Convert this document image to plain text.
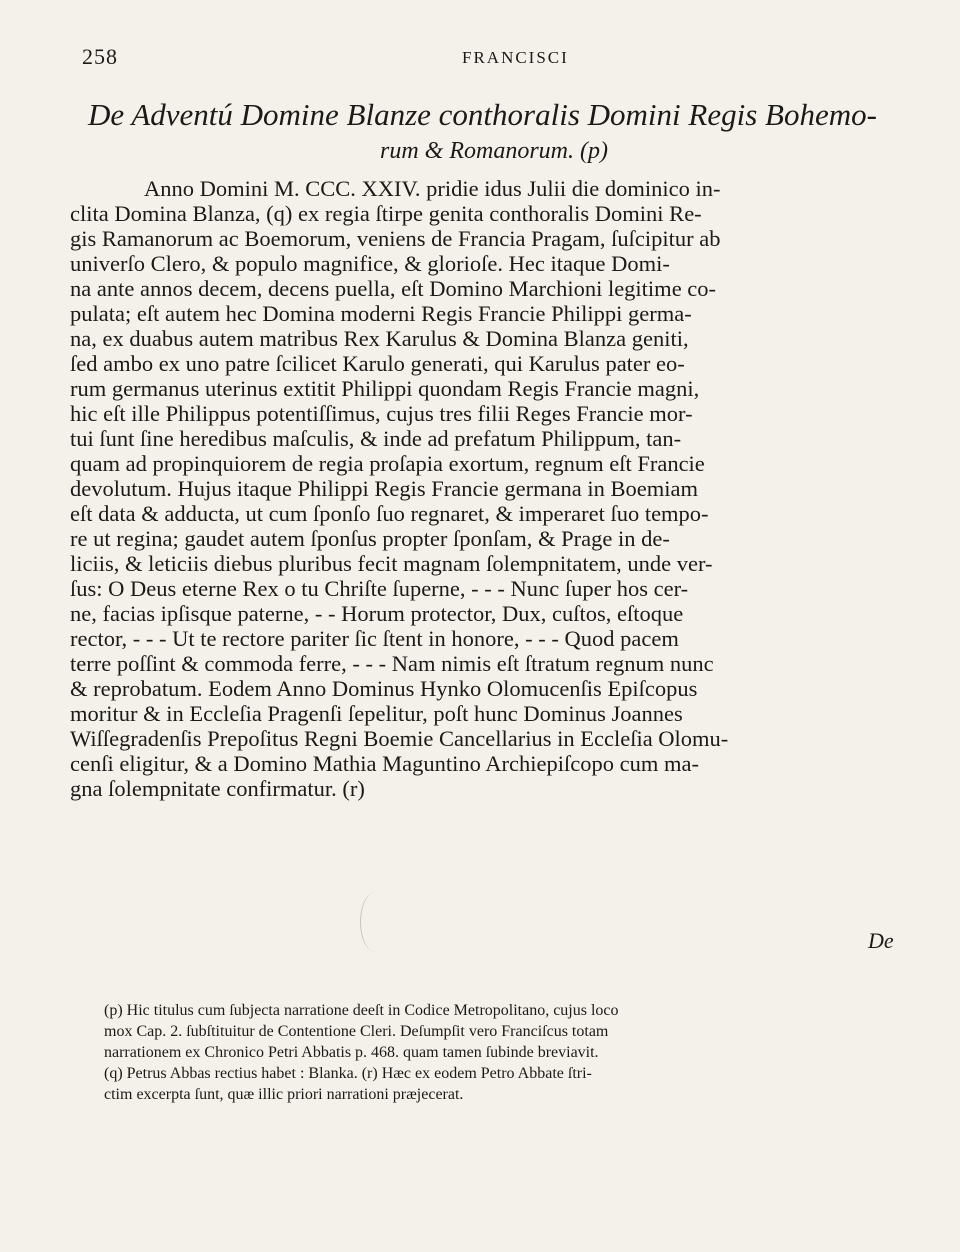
258	FRANCISCI
De Adventú Domine Blanze conthoralis Domini Regis Bohemo-
rum & Romanorum. (p)
Anno Domini M. CCC. XXIV. pridie idus Julii die dominico in-
clita Domina Blanza, (q) ex regia ſtirpe genita conthoralis Domini Re-
gis Ramanorum ac Boemorum, veniens de Francia Pragam, ſuſcipitur ab
univerſo Clero, & populo magnifice, & glorioſe. Hec itaque Domi-
na ante annos decem, decens puella, eſt Domino Marchioni legitime co-
pulata; eſt autem hec Domina moderni Regis Francie Philippi germa-
na, ex duabus autem matribus Rex Karulus & Domina Blanza geniti,
ſed ambo ex uno patre ſcilicet Karulo generati, qui Karulus pater eo-
rum germanus uterinus extitit Philippi quondam Regis Francie magni,
hic eſt ille Philippus potentiſſimus, cujus tres filii Reges Francie mor-
tui ſunt ſine heredibus maſculis, & inde ad prefatum Philippum, tan-
quam ad propinquiorem de regia proſapia exortum, regnum eſt Francie
devolutum. Hujus itaque Philippi Regis Francie germana in Boemiam
eſt data & adducta, ut cum ſponſo ſuo regnaret, & imperaret ſuo tempo-
re ut regina; gaudet autem ſponſus propter ſponſam, & Prage in de-
liciis, & leticiis diebus pluribus fecit magnam ſolempnitatem, unde ver-
ſus: O Deus eterne Rex o tu Chriſte ſuperne, - - - Nunc ſuper hos cer-
ne, facias ipſisque paterne, - - Horum protector, Dux, cuſtos, eſtoque
rector, - - - Ut te rectore pariter ſic ſtent in honore, - - - Quod pacem
terre poſſint & commoda ferre, - - - Nam nimis eſt ſtratum regnum nunc
& reprobatum. Eodem Anno Dominus Hynko Olomucenſis Epiſcopus
moritur & in Eccleſia Pragenſi ſepelitur, poſt hunc Dominus Joannes
Wiſſegradenſis Prepoſitus Regni Boemie Cancellarius in Eccleſia Olomu-
cenſi eligitur, & a Domino Mathia Maguntino Archiepiſcopo cum ma-
gna ſolempnitate confirmatur. (r)
De
(p) Hic titulus cum ſubjecta narratione deeſt in Codice Metropolitano, cujus loco
mox Cap. 2. ſubſtituitur de Contentione Cleri. Deſumpſit vero Franciſcus totam
narrationem ex Chronico Petri Abbatis p. 468. quam tamen ſubinde breviavit.
(q) Petrus Abbas rectius habet : Blanka. (r) Hæc ex eodem Petro Abbate ſtri-
ctim excerpta ſunt, quæ illic priori narrationi præjecerat.
